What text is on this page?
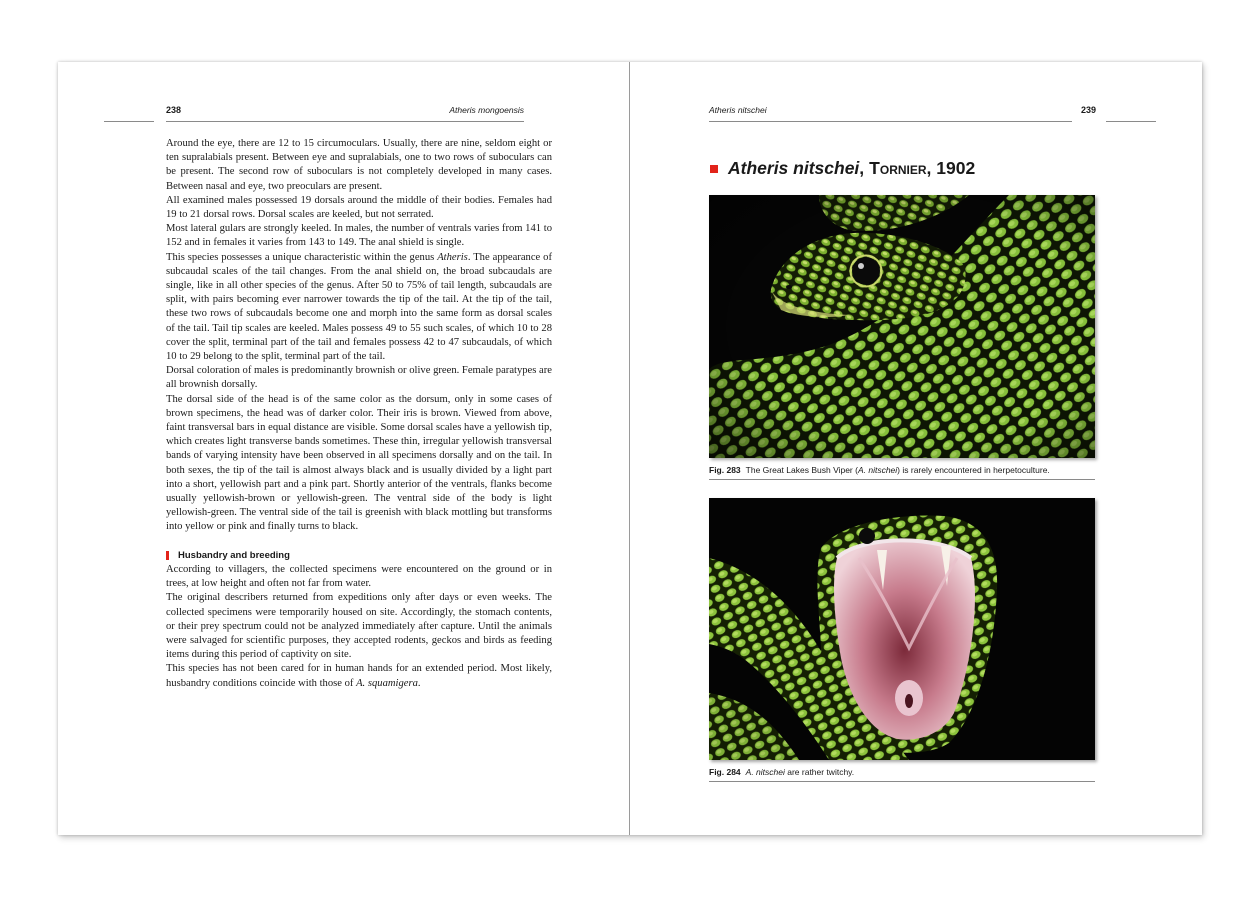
238	Atheris mongoensis

Around the eye, there are 12 to 15 circumoculars. Usually, there are nine, seldom eight or ten supralabials present. Between eye and supralabials, one to two rows of suboculars can be present. The second row of suboculars is not completely developed in many cases. Between nasal and eye, two preoculars are present.

All examined males possessed 19 dorsals around the middle of their bodies. Females had 19 to 21 dorsal rows. Dorsal scales are keeled, but not serrated.

Most lateral gulars are strongly keeled. In males, the number of ventrals varies from 141 to 152 and in females it varies from 143 to 149. The anal shield is single.

This species possesses a unique characteristic within the genus Atheris. The appearance of subcaudal scales of the tail changes. From the anal shield on, the broad subcaudals are single, like in all other species of the genus. After 50 to 75% of tail length, subcaudals are split, with pairs becoming ever narrower towards the tip of the tail. At the tip of the tail, these two rows of subcaudals become one and morph into the same form as dorsal scales of the tail. Tail tip scales are keeled. Males possess 49 to 55 such scales, of which 10 to 28 cover the split, terminal part of the tail and females possess 42 to 47 subcaudals, of which 10 to 29 belong to the split, terminal part of the tail.

Dorsal coloration of males is predominantly brownish or olive green. Female paratypes are all brownish dorsally.

The dorsal side of the head is of the same color as the dorsum, only in some cases of brown specimens, the head was of darker color. Their iris is brown. Viewed from above, faint transversal bars in equal distance are visible. Some dorsal scales have a yellowish tip, which creates light transverse bands sometimes. These thin, irregular yellowish transversal bands of varying intensity have been observed in all specimens dorsally and on the tail. In both sexes, the tip of the tail is almost always black and is usually divided by a light part into a short, yellowish part and a pink part. Shortly anterior of the ventrals, flanks become usually yellowish-brown or yellowish-green. The ventral side of the body is light yellowish-green. The ventral side of the tail is greenish with black mottling but transforms into yellow or pink and finally turns to black.

Husbandry and breeding

According to villagers, the collected specimens were encountered on the ground or in trees, at low height and often not far from water.

The original describers returned from expeditions only after days or even weeks. The collected specimens were temporarily housed on site. Accordingly, the stomach contents, or their prey spectrum could not be analyzed immediately after capture. Until the animals were salvaged for scientific purposes, they accepted rodents, geckos and birds as feeding items during this period of captivity on site.

This species has not been cared for in human hands for an extended period. Most likely, husbandry conditions coincide with those of A. squamigera.

Atheris nitschei	239
Atheris nitschei , Tornier, 1902
Fig. 283 The Great Lakes Bush Viper (A. nitschei) is rarely encountered in herpetoculture.
Fig. 284 A. nitschei are rather twitchy.
